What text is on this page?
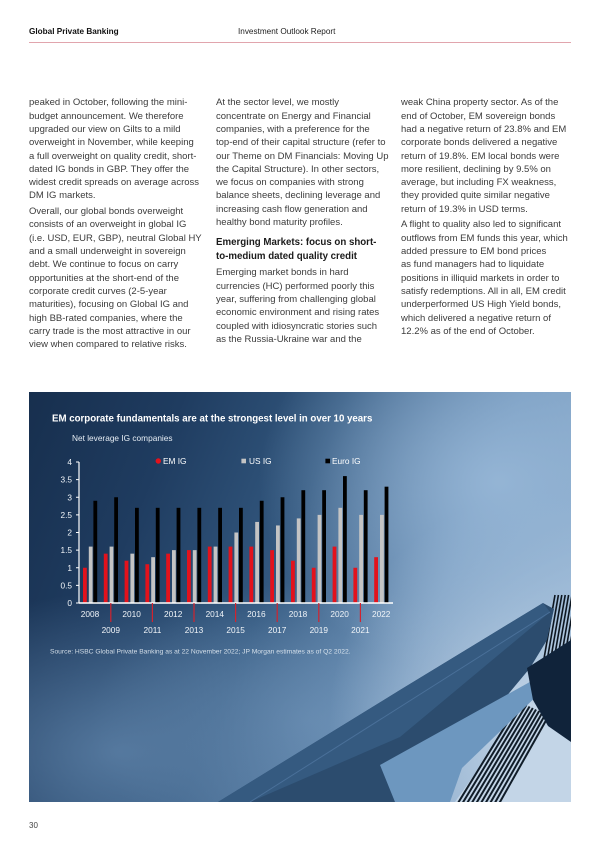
Global Private Banking	Investment Outlook Report
peaked in October, following the mini-
budget announcement. We therefore
upgraded our view on Gilts to a mild
overweight in November, while keeping
a full overweight on quality credit, short-
dated IG bonds in GBP. They offer the
widest credit spreads on average across
DM IG markets.
Overall, our global bonds overweight
consists of an overweight in global IG
(i.e. USD, EUR, GBP), neutral Global HY
and a small underweight in sovereign
debt. We continue to focus on carry
opportunities at the short-end of the
corporate credit curves (2-5-year
maturities), focusing on Global IG and
high BB-rated companies, where the
carry trade is the most attractive in our
view when compared to relative risks.
At the sector level, we mostly
concentrate on Energy and Financial
companies, with a preference for the
top-end of their capital structure (refer to
our Theme on DM Financials: Moving Up
the Capital Structure). In other sectors,
we focus on companies with strong
balance sheets, declining leverage and
increasing cash flow generation and
healthy bond maturity profiles.
Emerging Markets: focus on short-
to-medium dated quality credit
Emerging market bonds in hard
currencies (HC) performed poorly this
year, suffering from challenging global
economic environment and rising rates
coupled with idiosyncratic stories such
as the Russia-Ukraine war and the
weak China property sector. As of the
end of October, EM sovereign bonds
had a negative return of 23.8% and EM
corporate bonds delivered a negative
return of 19.8%. EM local bonds were
more resilient, declining by 9.5% on
average, but including FX weakness,
they provided quite similar negative
return of 19.3% in USD terms.
A flight to quality also led to significant
outflows from EM funds this year, which
added pressure to EM bond prices
as fund managers had to liquidate
positions in illiquid markets in order to
satisfy redemptions. All in all, EM credit
underperformed US High Yield bonds,
which delivered a negative return of
12.2% as of the end of October.
EM corporate fundamentals are at the strongest level in over 10 years
Net leverage IG companies
EM IG	US IG	Euro IG
0
0.5
1
1.5
2
2.5
3
3.5
4
2008
2009
2010
2011
2012
2013
2014
2015
2016
2017
2018
2019
2020
2021
2022
Source: HSBC Global Private Banking as at 22 November 2022; JP Morgan estimates as of Q2 2022.
30
